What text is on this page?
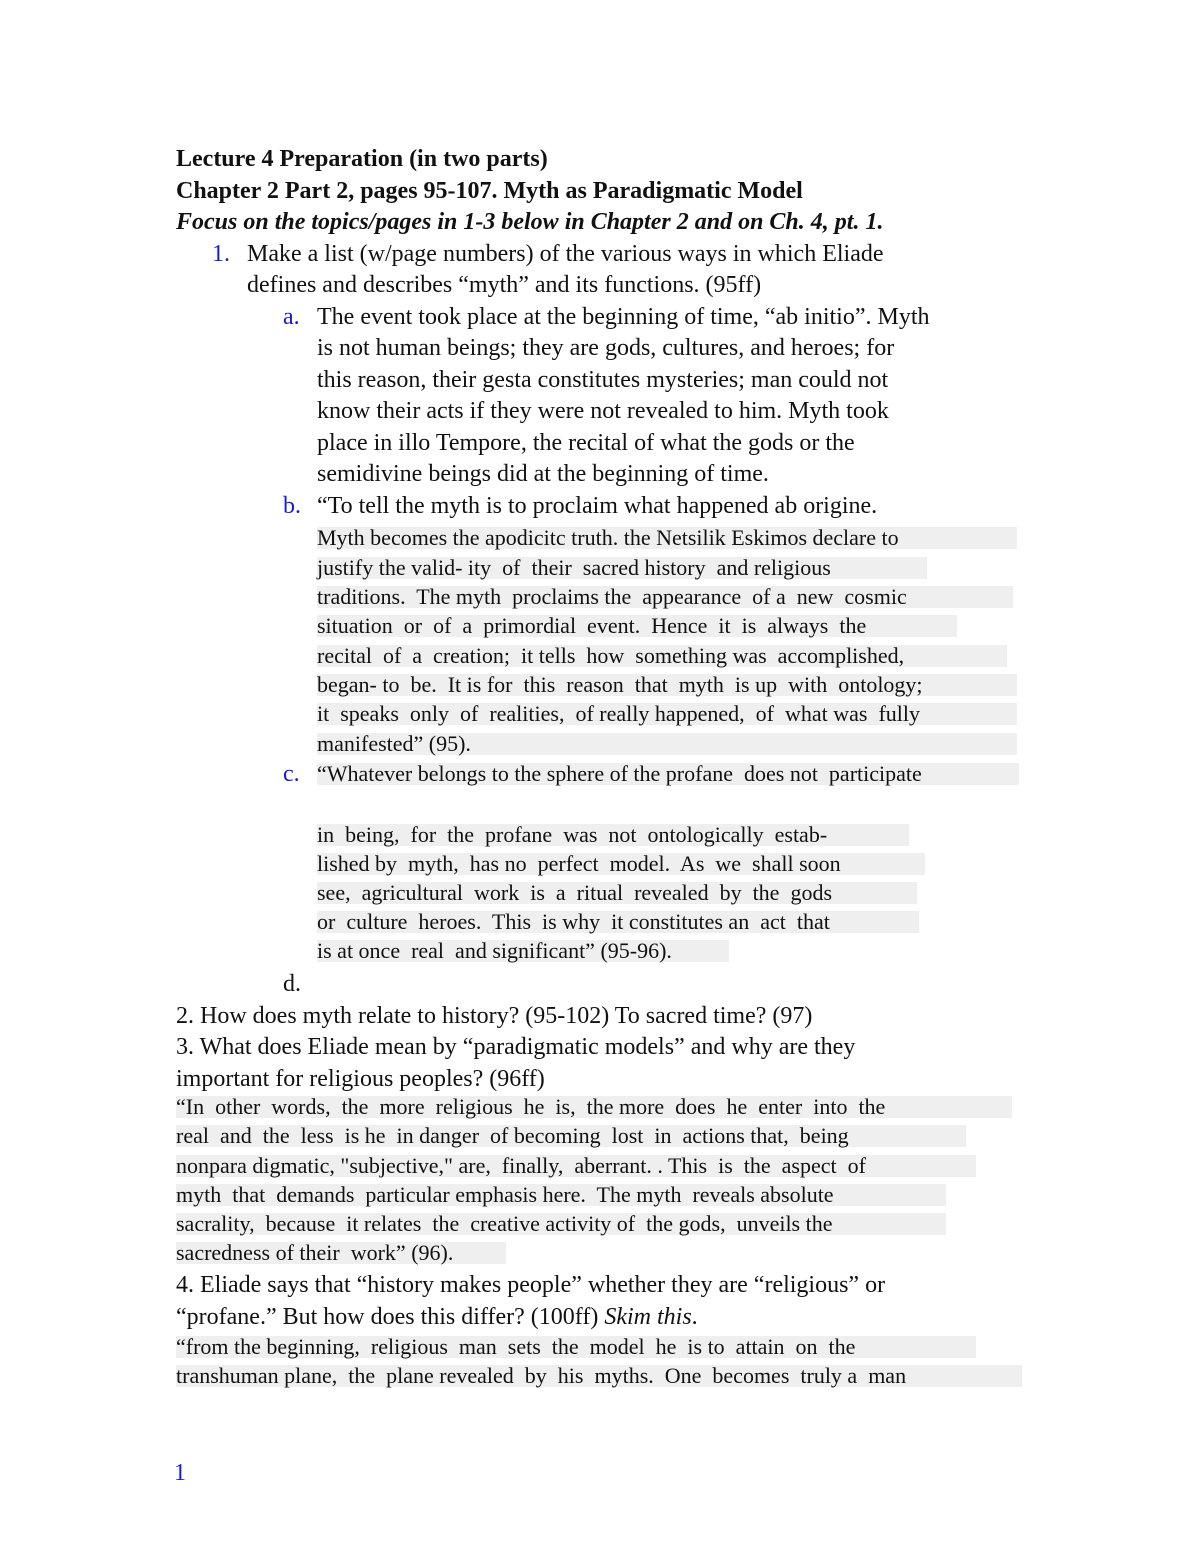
Lecture 4 Preparation (in two parts)
Chapter 2 Part 2, pages 95-107. Myth as Paradigmatic Model
Focus on the topics/pages in 1-3 below in Chapter 2 and on Ch. 4, pt. 1.
1. Make a list (w/page numbers) of the various ways in which Eliade
defines and describes “myth” and its functions. (95ff)
a. The event took place at the beginning of time, “ab initio”. Myth
is not human beings; they are gods, cultures, and heroes; for
this reason, their gesta constitutes mysteries; man could not
know their acts if they were not revealed to him. Myth took
place in illo Tempore, the recital of what the gods or the
semidivine beings did at the beginning of time.
b. “To tell the myth is to proclaim what happened ab origine.
Myth becomes the apodicitc truth. the Netsilik Eskimos declare to
justify the valid- ity  of  their  sacred history  and religious
traditions.  The myth  proclaims the  appearance  of a  new  cosmic
situation  or  of  a  primordial  event.  Hence  it  is  always  the
recital  of  a  creation;  it tells  how  something was  accomplished,
began- to  be.  It is for  this  reason  that  myth  is up  with  ontology;
it  speaks  only  of  realities,  of really happened,  of  what was  fully
manifested” (95).
c. “Whatever belongs to the sphere of the profane  does not  participate
in  being,  for  the  profane  was  not  ontologically  estab-
lished by  myth,  has no  perfect  model.  As  we  shall soon
see,  agricultural  work  is  a  ritual  revealed  by  the  gods
or  culture  heroes.  This  is why  it constitutes an  act  that
is at once  real  and significant” (95-96).
d.
2. How does myth relate to history? (95-102) To sacred time? (97)
3. What does Eliade mean by “paradigmatic models” and why are they
important for religious peoples? (96ff)
“In  other  words,  the  more  religious  he  is,  the more  does  he  enter  into  the
real  and  the  less  is he  in danger  of becoming  lost  in  actions that,  being
nonpara digmatic, "subjective," are,  finally,  aberrant. . This  is  the  aspect  of
myth  that  demands  particular emphasis here.  The myth  reveals absolute
sacrality,  because  it relates  the  creative activity of  the gods,  unveils the
sacredness of their  work” (96).
4. Eliade says that “history makes people” whether they are “religious” or
“profane.” But how does this differ? (100ff) Skim this.
“from the beginning,  religious  man  sets  the  model  he  is to  attain  on  the
transhuman plane,  the  plane revealed  by  his  myths.  One  becomes  truly a  man
1
